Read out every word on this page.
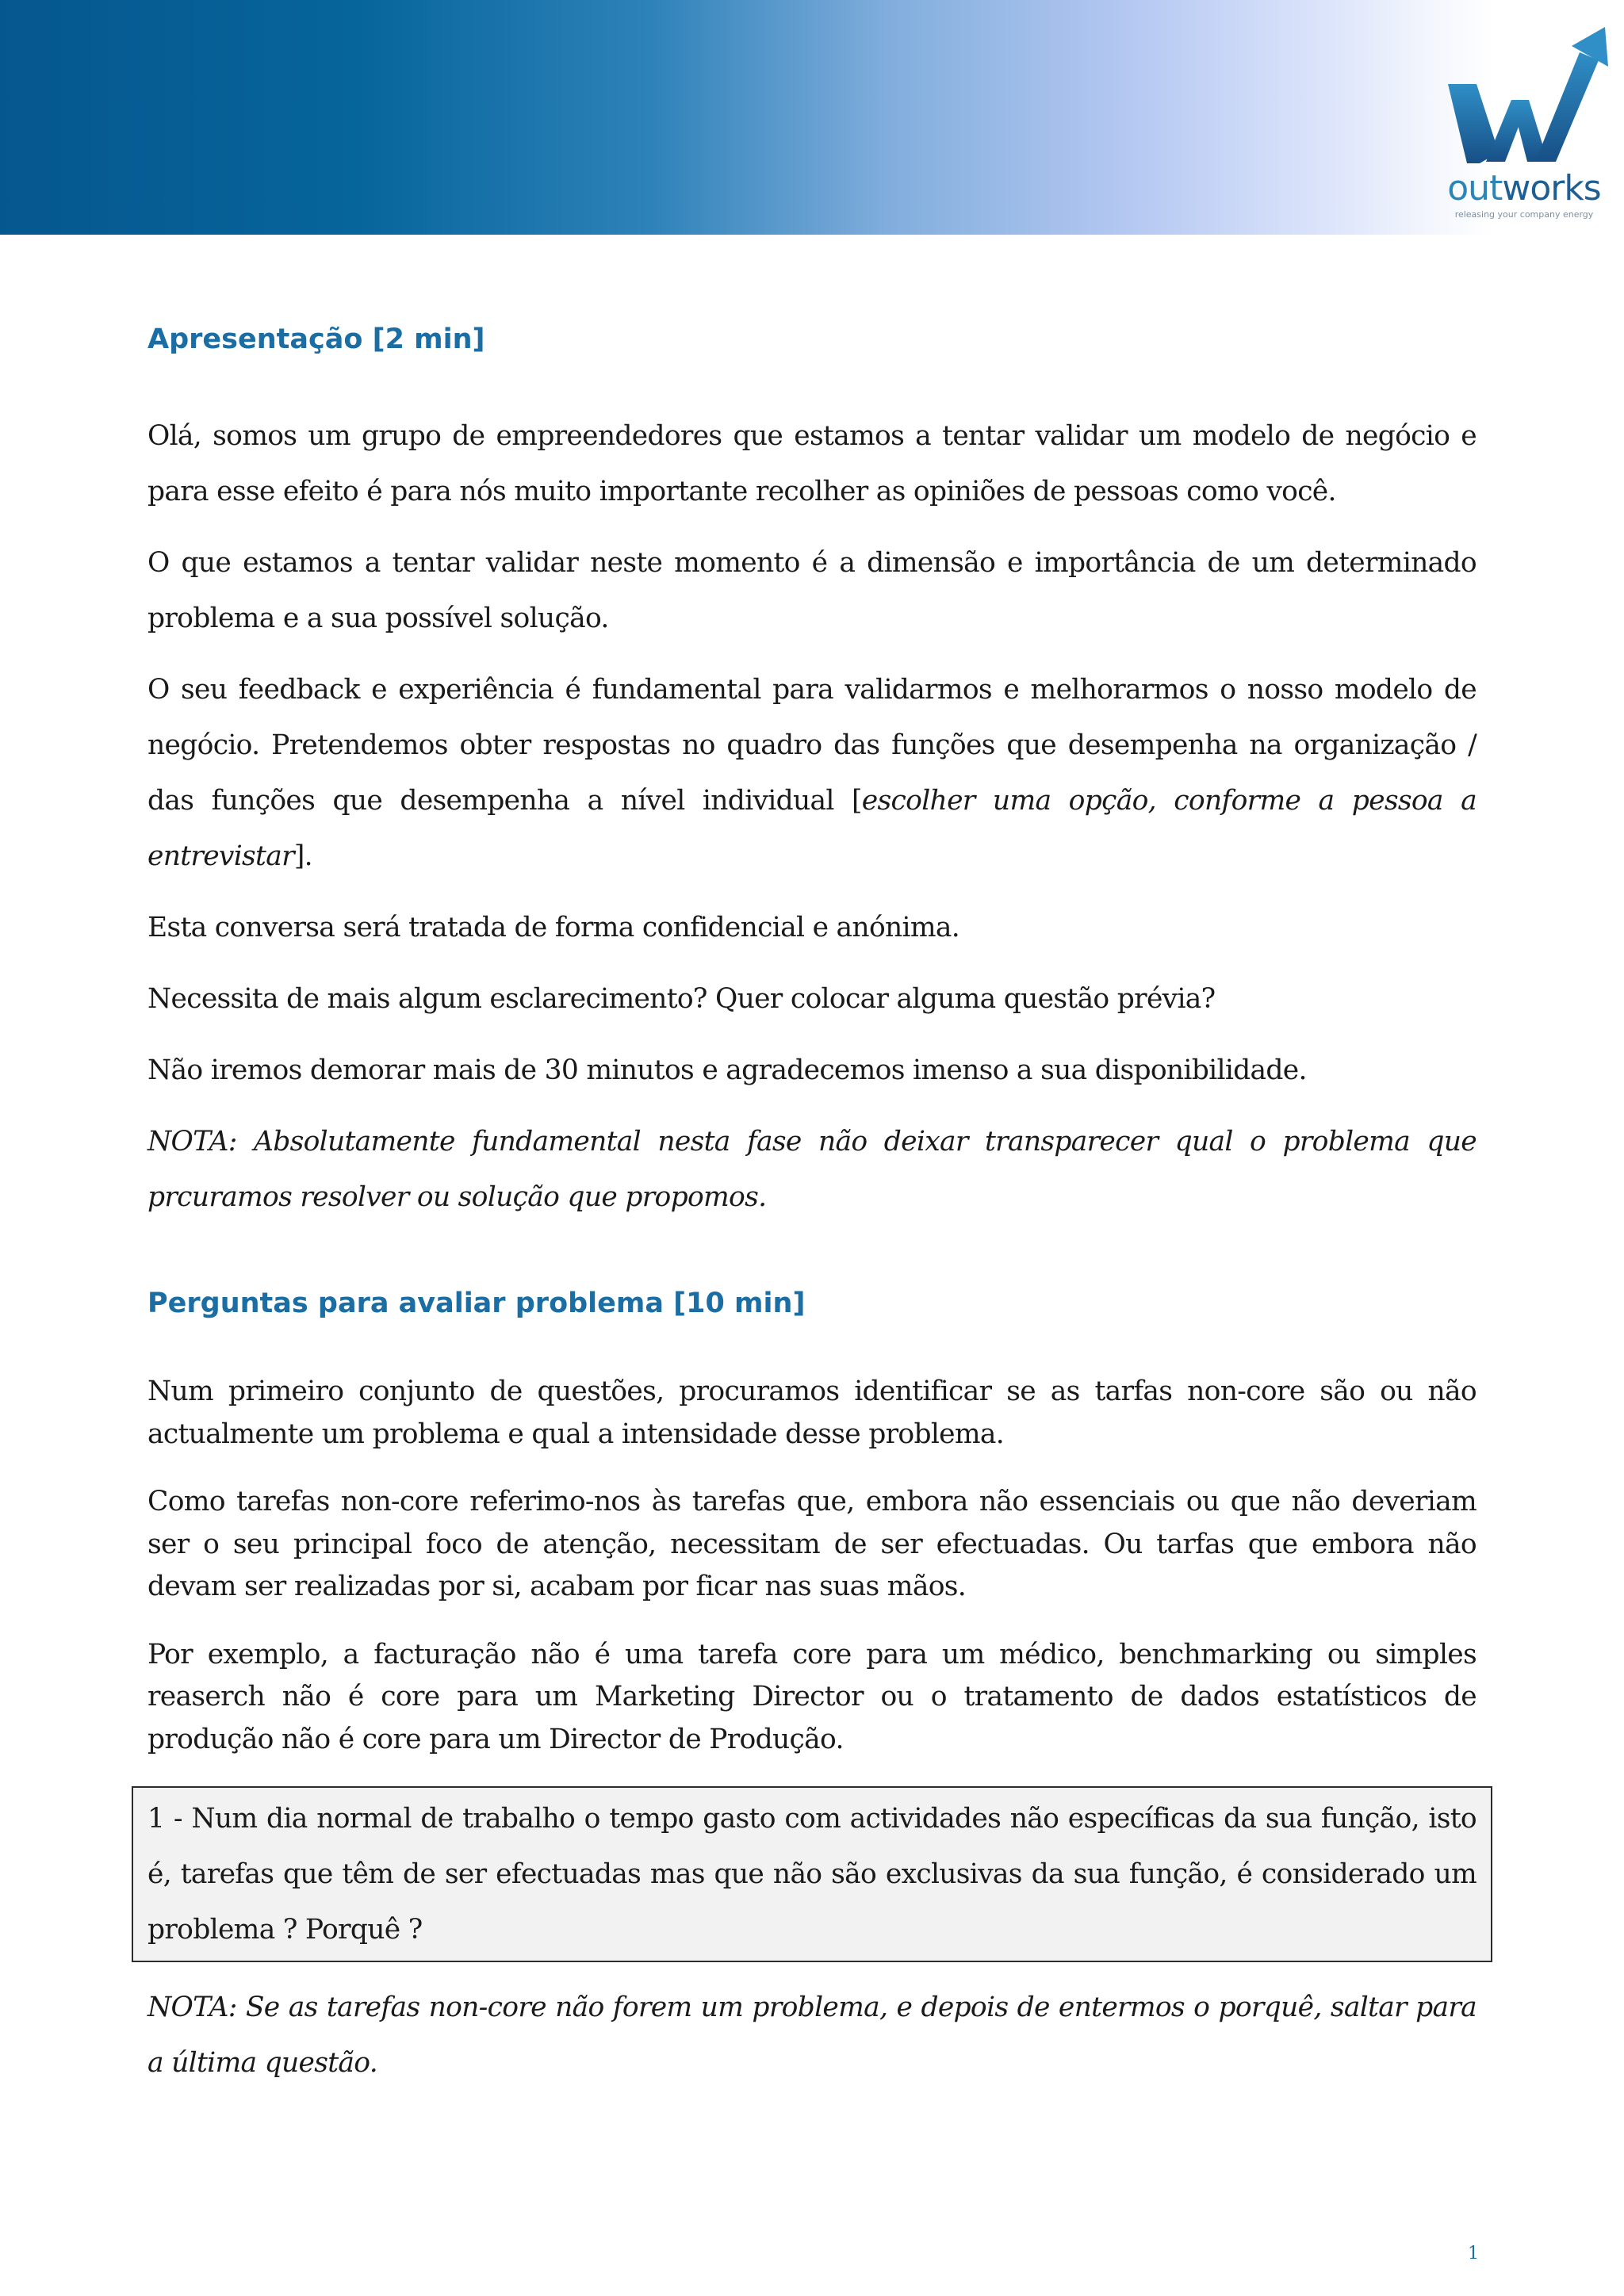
outworks
releasing your company energy
Apresentação [2 min]

Olá, somos um grupo de empreendedores que estamos a tentar validar um modelo de negócio e para esse efeito é para nós muito importante recolher as opiniões de pessoas como você.

O que estamos a tentar validar neste momento é a dimensão e importância de um determinado problema e a sua possível solução.

O seu feedback e experiência é fundamental para validarmos e melhorarmos o nosso modelo de negócio. Pretendemos obter respostas no quadro das funções que desempenha na organização / das funções que desempenha a nível individual [escolher uma opção, conforme a pessoa a entrevistar].

Esta conversa será tratada de forma confidencial e anónima.

Necessita de mais algum esclarecimento? Quer colocar alguma questão prévia?

Não iremos demorar mais de 30 minutos e agradecemos imenso a sua disponibilidade.

NOTA: Absolutamente fundamental nesta fase não deixar transparecer qual o problema que prcuramos resolver ou solução que propomos.

Perguntas para avaliar problema [10 min]

Num primeiro conjunto de questões, procuramos identificar se as tarfas non-core são ou não actualmente um problema e qual a intensidade desse problema.

Como tarefas non-core referimo-nos às tarefas que, embora não essenciais ou que não deveriam ser o seu principal foco de atenção, necessitam de ser efectuadas. Ou tarfas que embora não devam ser realizadas por si, acabam por ficar nas suas mãos.

Por exemplo, a facturação não é uma tarefa core para um médico, benchmarking ou simples reaserch não é core para um Marketing Director ou o tratamento de dados estatísticos de produção não é core para um Director de Produção.

1 - Num dia normal de trabalho o tempo gasto com actividades não específicas da sua função, isto é, tarefas que têm de ser efectuadas mas que não são exclusivas da sua função, é considerado um problema ? Porquê ?

NOTA: Se as tarefas non-core não forem um problema, e depois de entermos o porquê, saltar para a última questão.

1
